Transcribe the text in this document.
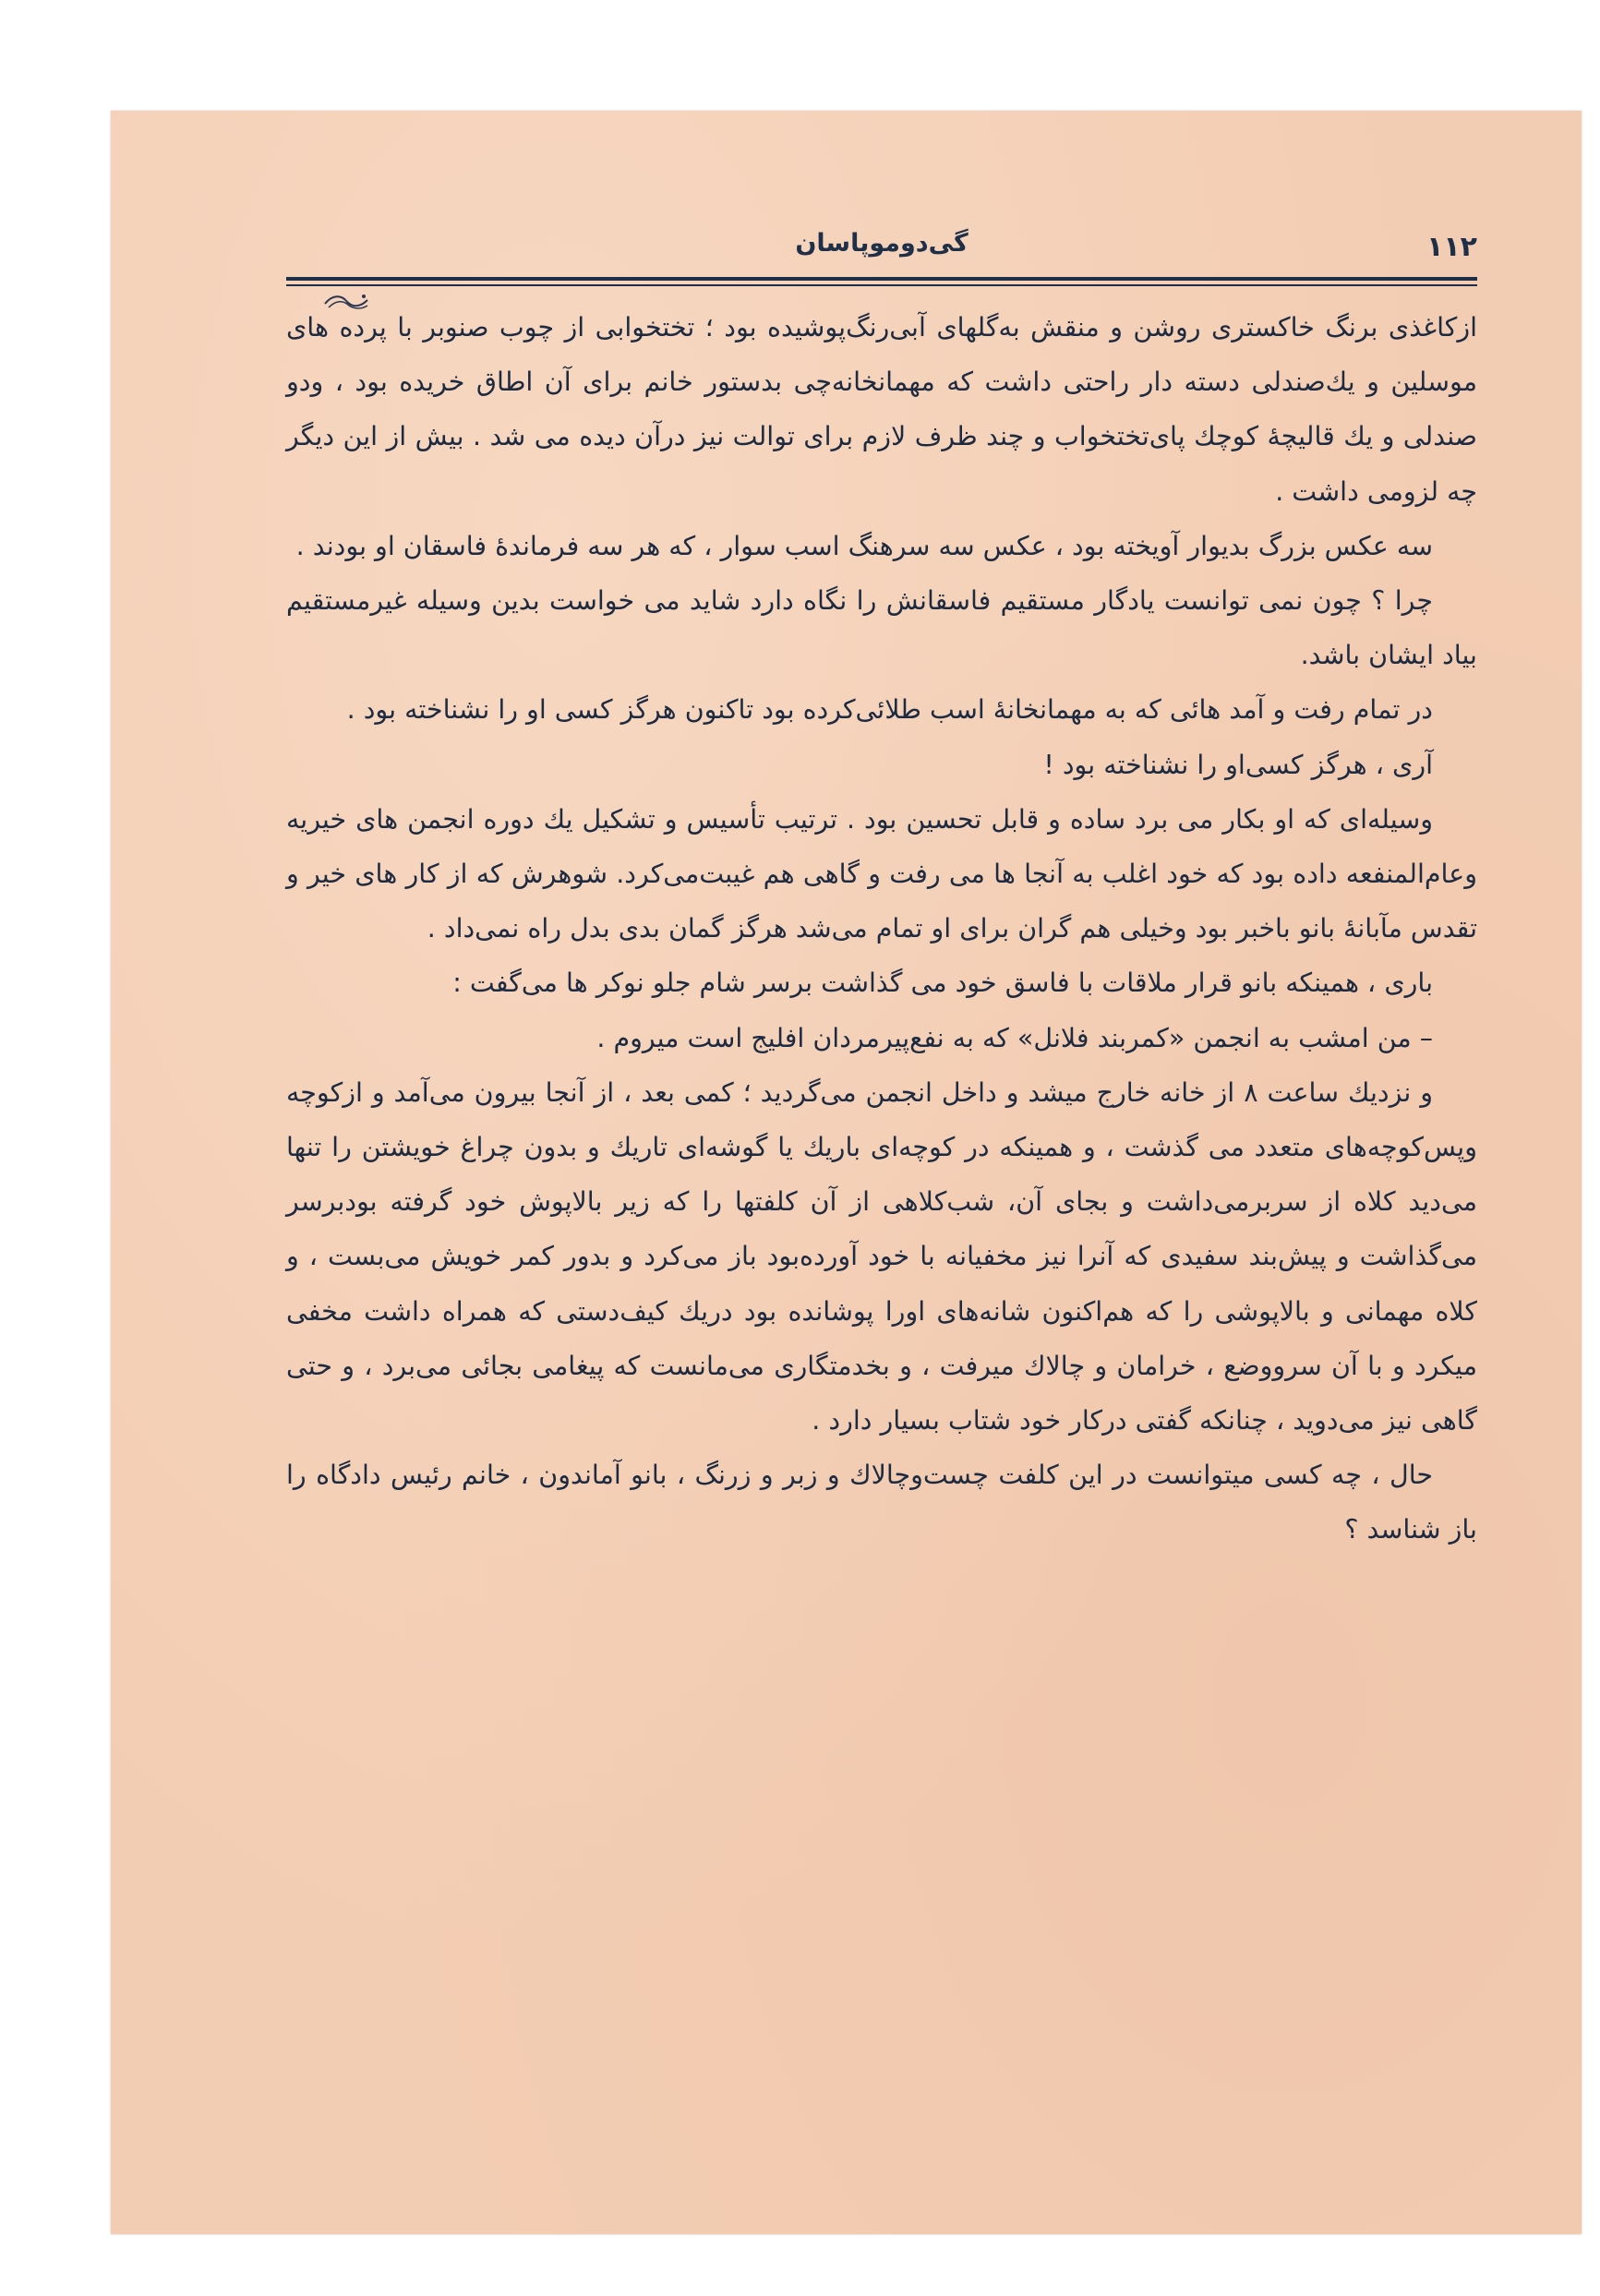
۱۱۲
گی‌دوموپاسان

ازکاغذی برنگ خاکستری روشن و منقش به‌گلهای آبی‌رنگ‌پوشیده بود ؛ تختخوابی از چوب صنوبر با پرده های موسلین و یك‌صندلی دسته دار راحتی داشت که مهمانخانه‌چی بدستور خانم برای آن اطاق خریده بود ، ودو صندلی و یك قالیچهٔ کوچك پای‌تختخواب و چند ظرف لازم برای توالت نیز درآن دیده می شد . بیش از این دیگر چه لزومی داشت .

سه عکس بزرگ بدیوار آویخته بود ، عکس سه سرهنگ اسب سوار ، که هر سه فرماندهٔ فاسقان او بودند .

چرا ؟ چون نمی توانست یادگار مستقیم فاسقانش را نگاه دارد شاید می خواست بدین وسیله غیرمستقیم بیاد ایشان باشد.

در تمام رفت و آمد هائی که به مهمانخانهٔ اسب طلائی‌کرده بود تاکنون هرگز کسی او را نشناخته بود .

آری ، هرگز کسی‌او را نشناخته بود !

وسیله‌ای که او بکار می برد ساده و قابل تحسین بود . ترتیب تأسیس و تشکیل یك دوره انجمن های خیریه وعام‌المنفعه داده بود که خود اغلب به آنجا ها می رفت و گاهی هم غیبت‌می‌کرد. شوهرش که از کار های خیر و تقدس مآبانهٔ بانو باخبر بود وخیلی هم گران برای او تمام می‌شد هرگز گمان بدی بدل راه نمی‌داد .

باری ، همینکه بانو قرار ملاقات با فاسق خود می گذاشت برسر شام جلو نوکر ها می‌گفت :

– من امشب به انجمن «کمربند فلانل» که به نفع‌پیرمردان افلیج است میروم .

و نزدیك ساعت ۸ از خانه خارج میشد و داخل انجمن می‌گردید ؛ کمی بعد ، از آنجا بیرون می‌آمد و ازکوچه وپس‌کوچه‌های متعدد می گذشت ، و همینکه در کوچه‌ای باریك یا گوشه‌ای تاریك و بدون چراغ خویشتن را تنها می‌دید کلاه از سربرمی‌داشت و بجای آن، شب‌کلاهی از آن کلفتها را که زیر بالاپوش خود گرفته بودبرسر می‌گذاشت و پیش‌بند سفیدی که آنرا نیز مخفیانه با خود آورده‌بود باز می‌کرد و بدور کمر خویش می‌بست ، و کلاه مهمانی و بالاپوشی را که هم‌اکنون شانه‌های اورا پوشانده بود دریك کیف‌دستی که همراه داشت مخفی میکرد و با آن سرووضع ، خرامان و چالاك میرفت ، و بخدمتگاری می‌مانست که پیغامی بجائی می‌برد ، و حتی گاهی نیز می‌دوید ، چنانکه گفتی درکار خود شتاب بسیار دارد .

حال ، چه کسی میتوانست در این کلفت چست‌وچالاك و زبر و زرنگ ، بانو آماندون ، خانم رئیس دادگاه را باز شناسد ؟
